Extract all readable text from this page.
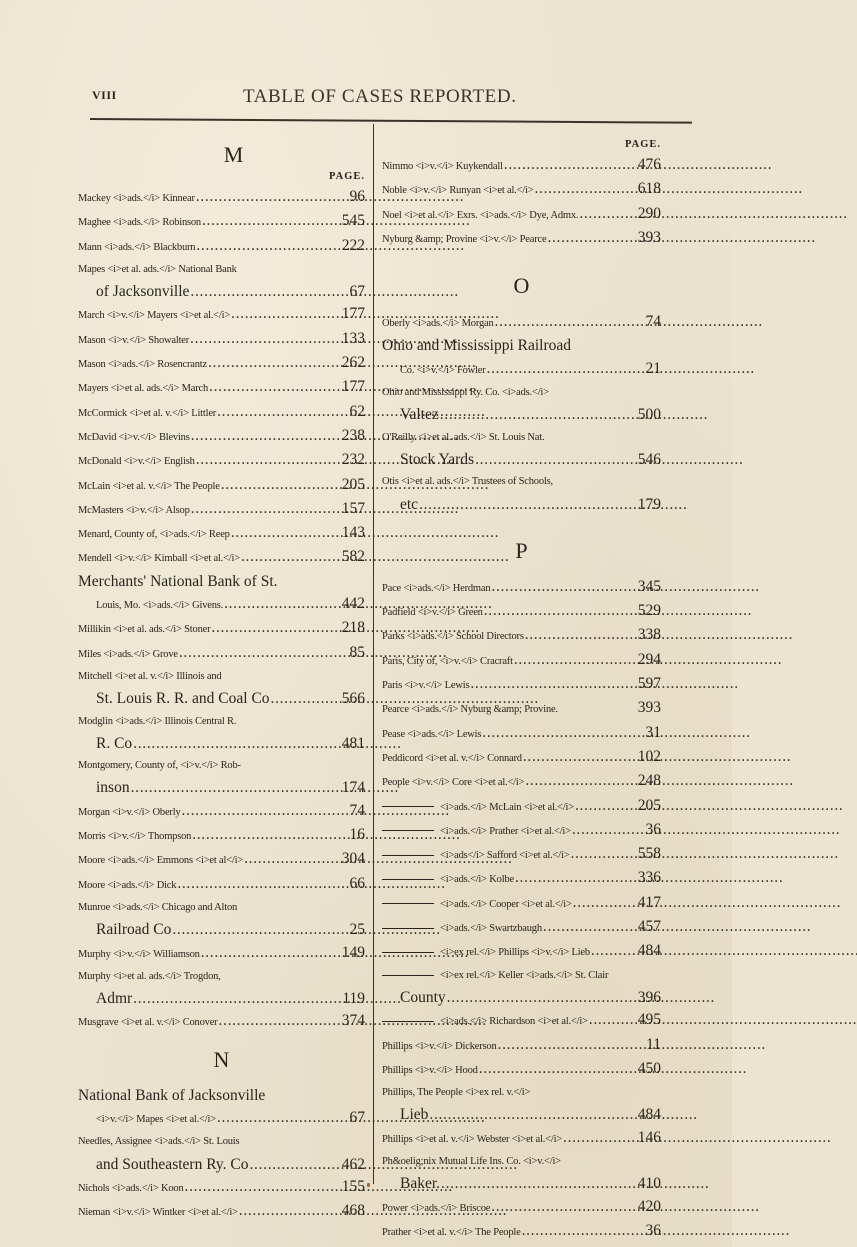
VIII	TABLE OF CASES REPORTED.
M
PAGE.
Mackey <i>ads.</i> Kinnear . . .	96
Maghee <i>ads.</i> Robinson . . .	545
Mann <i>ads.</i> Blackburn . . .	222
Mapes <i>et al. ads.</i> National Bank
of Jacksonville . . .	67
March <i>v.</i> Mayers <i>et al.</i> . . .	177
Mason <i>v.</i> Showalter . . .	133
Mason <i>ads.</i> Rosencrantz . . .	262
Mayers <i>et al. ads.</i> March . . .	177
McCormick <i>et al. v.</i> Littler . . .	62
McDavid <i>v.</i> Blevins . . .	238
McDonald <i>v.</i> English . . .	232
McLain <i>et al. v.</i> The People . . .	205
McMasters <i>v.</i> Alsop . . .	157
Menard, County of, <i>ads.</i> Reep . . .	143
Mendell <i>v.</i> Kimball <i>et al.</i> . . .	582
Merchants' National Bank of St.
Louis, Mo. <i>ads.</i> Givens. . . .	442
Millikin <i>et al. ads.</i> Stoner . . .	218
Miles <i>ads.</i> Grove . . .	85
Mitchell <i>et al. v.</i> Illinois and
St. Louis R. R. and Coal Co . . .	566
Modglin <i>ads.</i> Illinois Central R.
R. Co . . .	481
Montgomery, County of, <i>v.</i> Rob-
inson . . .	174
Morgan <i>v.</i> Oberly . . .	74
Morris <i>v.</i> Thompson . . .	16
Moore <i>ads.</i> Emmons <i>et al</i> . . .	304
Moore <i>ads.</i> Dick . . .	66
Munroe <i>ads.</i> Chicago and Alton
Railroad Co . . .	25
Murphy <i>v.</i> Williamson . . .	149
Murphy <i>et al. ads.</i> Trogdon,
Admr . . .	119
Musgrave <i>et al. v.</i> Conover . . .	374
N
National Bank of Jacksonville
<i>v.</i> Mapes <i>et al.</i> . . .	67
Needles, Assignee <i>ads.</i> St. Louis
and Southeastern Ry. Co . . .	462
Nichols <i>ads.</i> Koon . . .	155
Nieman <i>v.</i> Wintker <i>et al.</i> . . .	468
PAGE.
Nimmo <i>v.</i> Kuykendall . . .	476
Noble <i>v.</i> Runyan <i>et al.</i> . . .	618
Noel <i>et al.</i> Exrs. <i>ads.</i> Dye, Admx. . . .	290
Nyburg &amp; Provine <i>v.</i> Pearce . . .	393
O
Oberly <i>ads.</i> Morgan . . .	74
Ohio and Mississippi Railroad
Co. <i>v.</i> Fowler . . .	21
Ohio and Mississippi Ry. Co. <i>ads.</i>
Valtez . . .	500
O'Reilly <i>et al. ads.</i> St. Louis Nat.
Stock Yards . . .	546
Otis <i>et al. ads.</i> Trustees of Schools,
etc . . .	179
P
Pace <i>ads.</i> Herdman . . .	345
Padfield <i>v.</i> Green . . .	529
Parks <i>ads.</i> School Directors . . .	338
Paris, City of, <i>v.</i> Cracraft . . .	294
Paris <i>v.</i> Lewis . . .	597
Pearce <i>ads.</i> Nyburg &amp; Provine.	393
Pease <i>ads.</i> Lewis . . .	31
Peddicord <i>et al. v.</i> Connard . . .	102
People <i>v.</i> Core <i>et al.</i> . . .	248
<i>ads.</i> McLain <i>et al.</i> . . .	205
<i>ads.</i> Prather <i>et al.</i> . . .	36
<i>ads</i> Safford <i>et al.</i> . . .	558
<i>ads.</i> Kolbe . . .	336
<i>ads.</i> Cooper <i>et al.</i> . . .	417
<i>ads.</i> Swartzbaugh . . .	457
<i>ex rel.</i> Phillips <i>v.</i> Lieb . . .	484
<i>ex rel.</i> Keller <i>ads.</i> St. Clair
County . . .	396
<i>ads.</i> Richardson <i>et al.</i> . . .	495
Phillips <i>v.</i> Dickerson . . .	11
Phillips <i>v.</i> Hood . . .	450
Phillips, The People <i>ex rel. v.</i>
Lieb . . .	484
Phillips <i>et al. v.</i> Webster <i>et al.</i> . . .	146
Ph&oelig;nix Mutual Life Ins. Co. <i>v.</i>
Baker. . . .	410
Power <i>ads.</i> Briscoe . . .	420
Prather <i>et al. v.</i> The People . . .	36
